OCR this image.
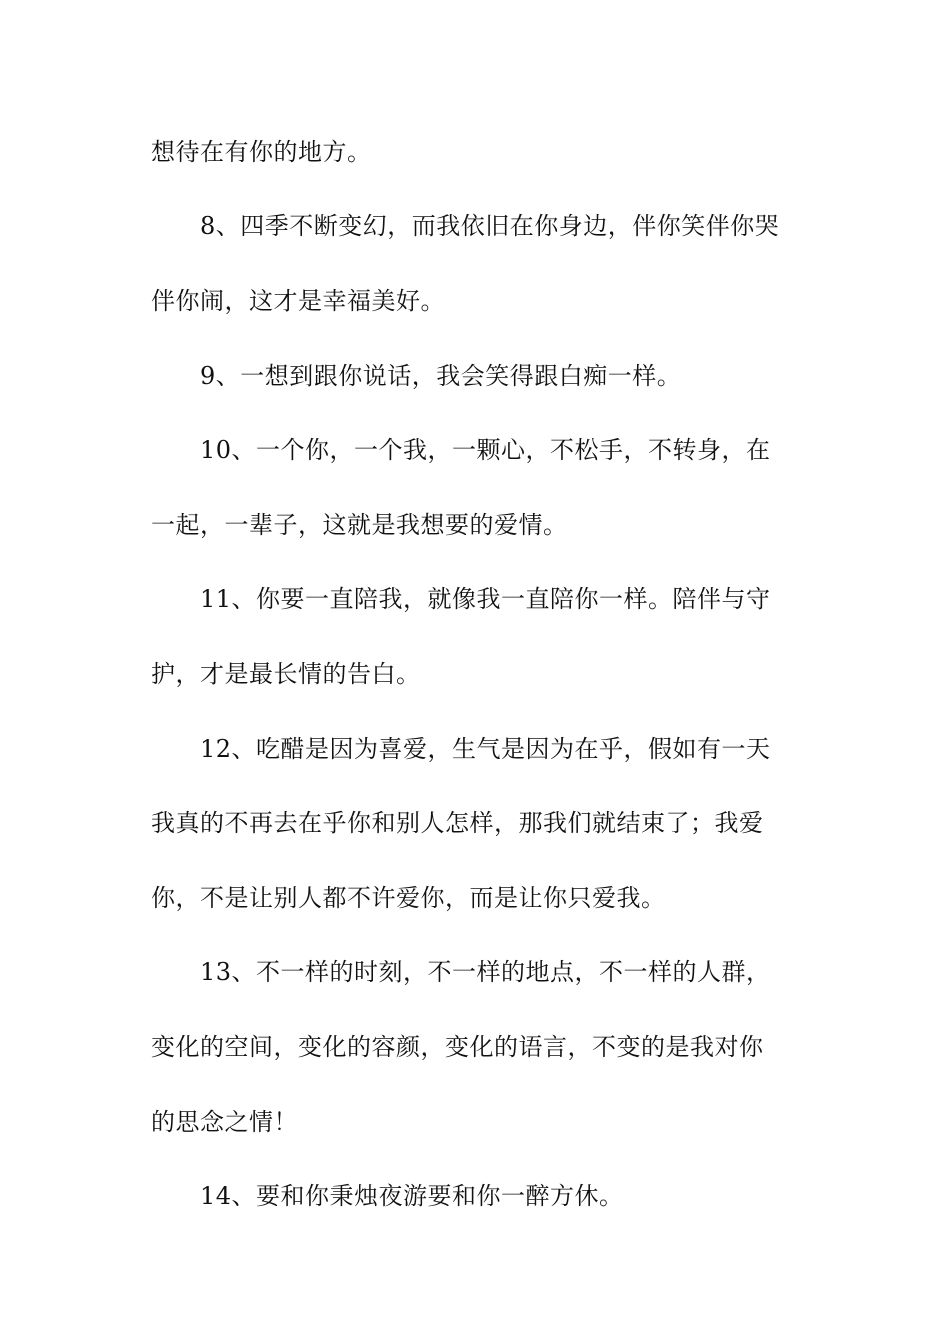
想待在有你的地方。
8、四季不断变幻，而我依旧在你身边，伴你笑伴你哭
伴你闹，这才是幸福美好。
9、一想到跟你说话，我会笑得跟白痴一样。
10、一个你，一个我，一颗心，不松手，不转身，在
一起，一辈子，这就是我想要的爱情。
11、你要一直陪我，就像我一直陪你一样。陪伴与守
护，才是最长情的告白。
12、吃醋是因为喜爱，生气是因为在乎，假如有一天
我真的不再去在乎你和别人怎样，那我们就结束了；我爱
你，不是让别人都不许爱你，而是让你只爱我。
13、不一样的时刻，不一样的地点，不一样的人群，
变化的空间，变化的容颜，变化的语言，不变的是我对你
的思念之情！
14、要和你秉烛夜游要和你一醉方休。
